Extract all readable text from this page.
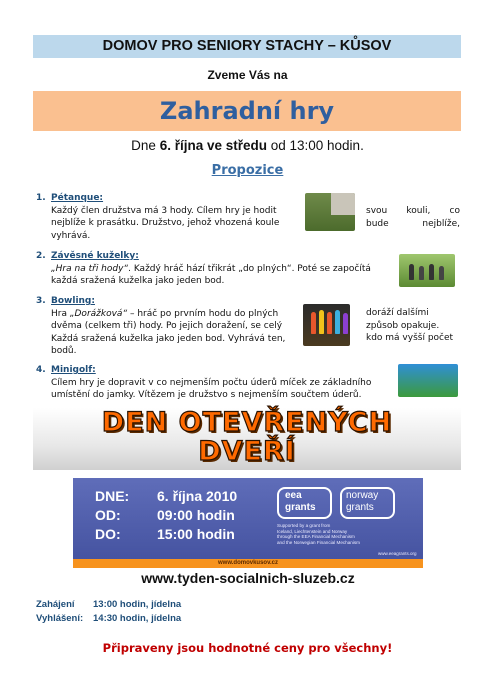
DOMOV PRO SENIORY STACHY – KŮSOV
Zveme Vás na
Zahradní hry
Dne 6. října ve středu od 13:00 hodin.
Propozice
1. Pétanque:
Každý člen družstva má 3 hody. Cílem hry je hodit
nejblíže k prasátku. Družstvo, jehož vhozená koule
vyhrává.
svou kouli, co
bude nejblíže,
2. Závěsné kuželky:
„Hra na tři hody“. Každý hráč hází třikrát „do plných“. Poté se započítá
každá sražená kuželka jako jeden bod.
3. Bowling:
Hra „Dorážková“ – hráč po prvním hodu do plných
dvěma (celkem tři) hody. Po jejich doražení, se celý
Každá sražená kuželka jako jeden bod. Vyhrává ten,
bodů.
doráží dalšími
způsob opakuje.
kdo má vyšší počet
4. Minigolf:
Cílem hry je dopravit v co nejmenším počtu úderů míček ze základního
umístění do jamky. Vítězem je družstvo s nejmenším součtem úderů.
DEN OTEVŘENÝCH
DVEŘÍ
DNE: 6. října 2010
OD:	09:00 hodin
DO:	15:00 hodin
eea
grants
norway
grants
Supported by a grant from
Iceland, Liechtenstein and Norway
through the EEA Financial Mechanism
and the Norwegian Financial Mechanism
www.eeagrants.org
www.domovkusov.cz
www.tyden-socialnich-sluzeb.cz
Zahájení 13:00 hodin, jídelna
Vyhlášení: 14:30 hodin, jídelna
Připraveny jsou hodnotné ceny pro všechny!
